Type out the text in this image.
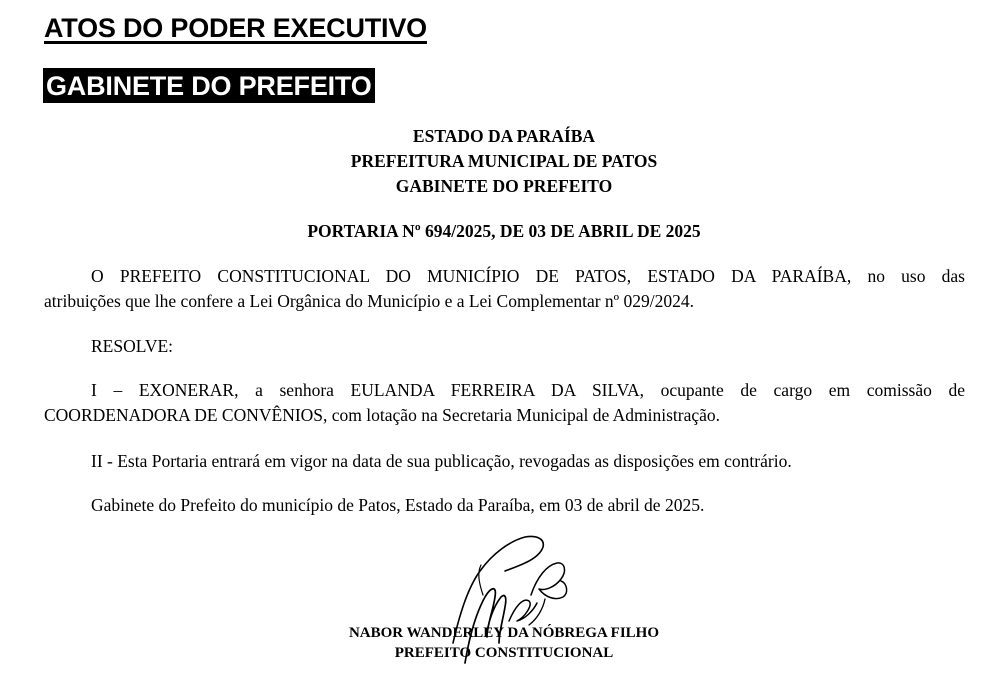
ATOS DO PODER EXECUTIVO
GABINETE DO PREFEITO
ESTADO DA PARAÍBA
PREFEITURA MUNICIPAL DE PATOS
GABINETE DO PREFEITO
PORTARIA Nº 694/2025, DE 03 DE ABRIL DE 2025
O PREFEITO CONSTITUCIONAL DO MUNICÍPIO DE PATOS, ESTADO DA PARAÍBA, no uso das
atribuições que lhe confere a Lei Orgânica do Município e a Lei Complementar nº 029/2024.
RESOLVE:
I – EXONERAR, a senhora EULANDA FERREIRA DA SILVA, ocupante de cargo em comissão de
COORDENADORA DE CONVÊNIOS, com lotação na Secretaria Municipal de Administração.
II - Esta Portaria entrará em vigor na data de sua publicação, revogadas as disposições em contrário.
Gabinete do Prefeito do município de Patos, Estado da Paraíba, em 03 de abril de 2025.
NABOR WANDERLEY DA NÓBREGA FILHO
PREFEITO CONSTITUCIONAL
